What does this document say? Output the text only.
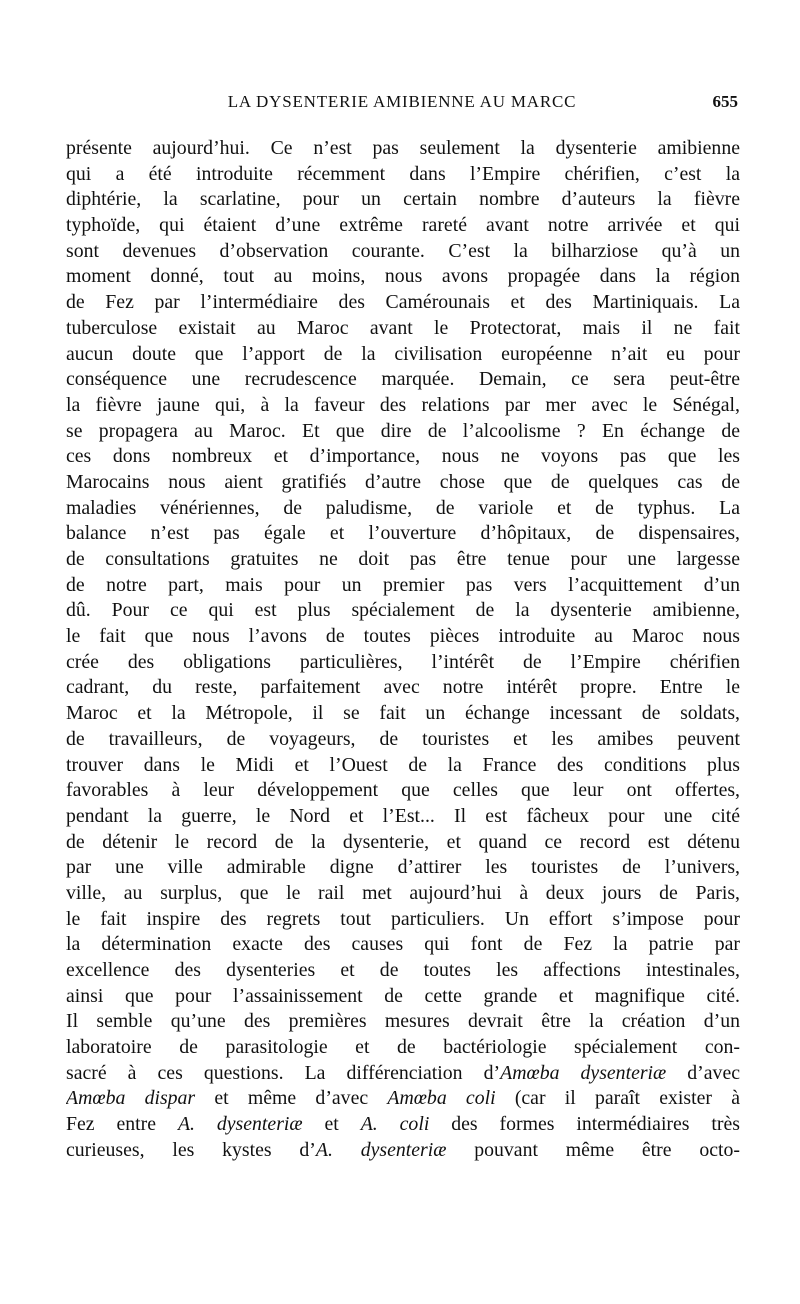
LA DYSENTERIE AMIBIENNE AU MARCC	655
présente aujourd’hui. Ce n’est pas seulement la dysenterie amibienne
qui a été introduite récemment dans l’Empire chérifien, c’est la
diphtérie, la scarlatine, pour un certain nombre d’auteurs la fièvre
typhoïde, qui étaient d’une extrême rareté avant notre arrivée et qui
sont devenues d’observation courante. C’est la bilharziose qu’à un
moment donné, tout au moins, nous avons propagée dans la région
de Fez par l’intermédiaire des Camérounais et des Martiniquais. La
tuberculose existait au Maroc avant le Protectorat, mais il ne fait
aucun doute que l’apport de la civilisation européenne n’ait eu pour
conséquence une recrudescence marquée. Demain, ce sera peut-être
la fièvre jaune qui, à la faveur des relations par mer avec le Sénégal,
se propagera au Maroc. Et que dire de l’alcoolisme ? En échange de
ces dons nombreux et d’importance, nous ne voyons pas que les
Marocains nous aient gratifiés d’autre chose que de quelques cas de
maladies vénériennes, de paludisme, de variole et de typhus. La
balance n’est pas égale et l’ouverture d’hôpitaux, de dispensaires,
de consultations gratuites ne doit pas être tenue pour une largesse
de notre part, mais pour un premier pas vers l’acquittement d’un
dû. Pour ce qui est plus spécialement de la dysenterie amibienne,
le fait que nous l’avons de toutes pièces introduite au Maroc nous
crée des obligations particulières, l’intérêt de l’Empire chérifien
cadrant, du reste, parfaitement avec notre intérêt propre. Entre le
Maroc et la Métropole, il se fait un échange incessant de soldats,
de travailleurs, de voyageurs, de touristes et les amibes peuvent
trouver dans le Midi et l’Ouest de la France des conditions plus
favorables à leur développement que celles que leur ont offertes,
pendant la guerre, le Nord et l’Est... Il est fâcheux pour une cité
de détenir le record de la dysenterie, et quand ce record est détenu
par une ville admirable digne d’attirer les touristes de l’univers,
ville, au surplus, que le rail met aujourd’hui à deux jours de Paris,
le fait inspire des regrets tout particuliers. Un effort s’impose pour
la détermination exacte des causes qui font de Fez la patrie par
excellence des dysenteries et de toutes les affections intestinales,
ainsi que pour l’assainissement de cette grande et magnifique cité.
Il semble qu’une des premières mesures devrait être la création d’un
laboratoire de parasitologie et de bactériologie spécialement con-
sacré à ces questions. La différenciation d’Amœba dysenteriæ d’avec
Amœba dispar et même d’avec Amœba coli (car il paraît exister à
Fez entre A. dysenteriæ et A. coli des formes intermédiaires très
curieuses, les kystes d’A. dysenteriæ pouvant même être octo-
